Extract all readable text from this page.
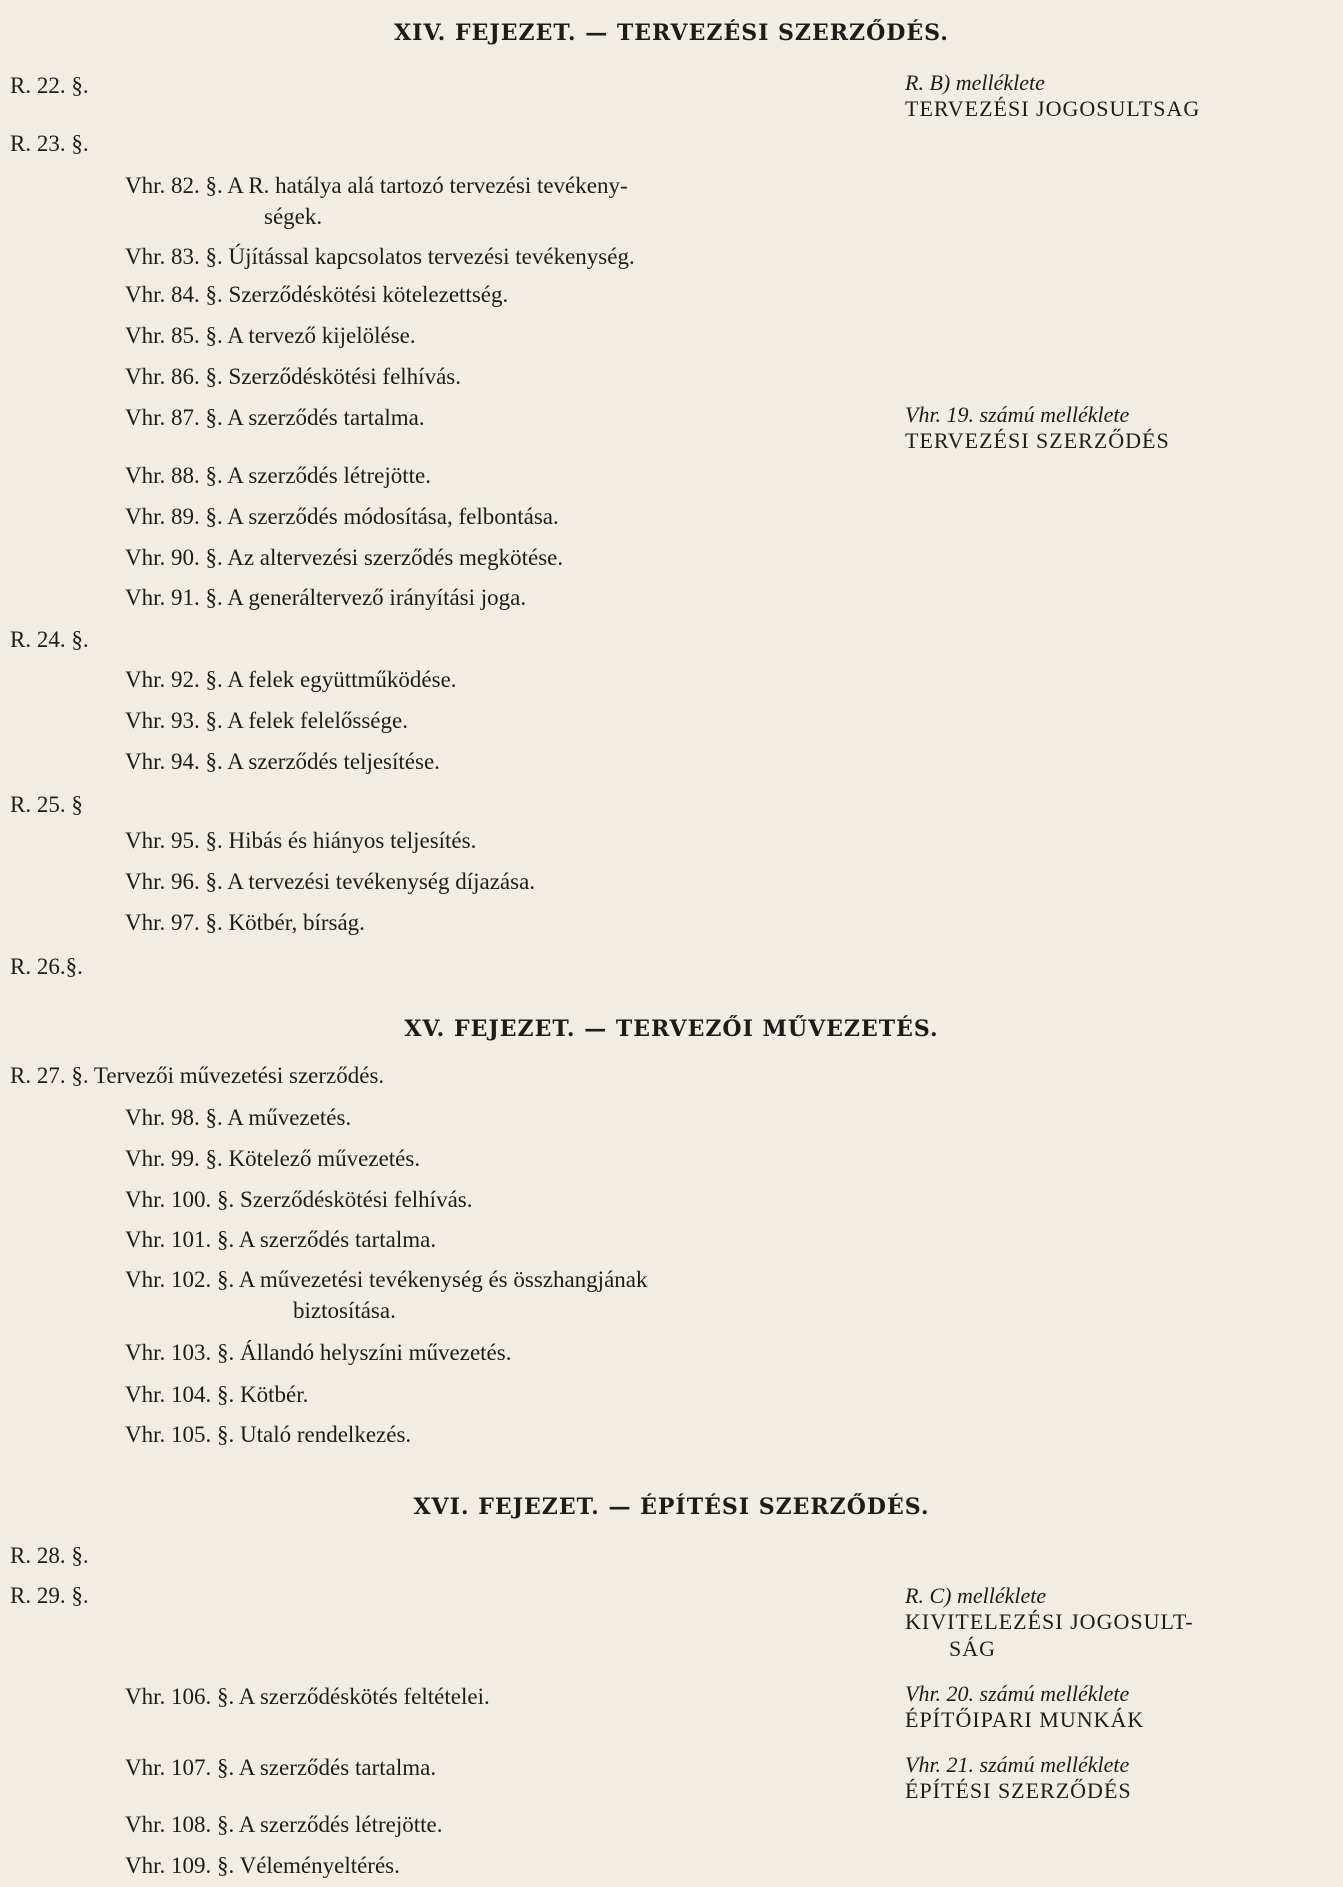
XIV. FEJEZET. — TERVEZÉSI SZERZŐDÉS.
R. 22. §.
R. 23. §.
Vhr. 82. §. A R. hatálya alá tartozó tervezési tevékeny-
ségek.
Vhr. 83. §. Újítással kapcsolatos tervezési tevékenység.
Vhr. 84. §. Szerződéskötési kötelezettség.
Vhr. 85. §. A tervező kijelölése.
Vhr. 86. §. Szerződéskötési felhívás.
Vhr. 87. §. A szerződés tartalma.
Vhr. 88. §. A szerződés létrejötte.
Vhr. 89. §. A szerződés módosítása, felbontása.
Vhr. 90. §. Az altervezési szerződés megkötése.
Vhr. 91. §. A generáltervező irányítási joga.
R. 24. §.
Vhr. 92. §. A felek együttműködése.
Vhr. 93. §. A felek felelőssége.
Vhr. 94. §. A szerződés teljesítése.
R. 25. §
Vhr. 95. §. Hibás és hiányos teljesítés.
Vhr. 96. §. A tervezési tevékenység díjazása.
Vhr. 97. §. Kötbér, bírság.
R. 26.§.
XV. FEJEZET. — TERVEZŐI MŰVEZETÉS.
R. 27. §. Tervezői művezetési szerződés.
Vhr. 98. §. A művezetés.
Vhr. 99. §. Kötelező művezetés.
Vhr. 100. §. Szerződéskötési felhívás.
Vhr. 101. §. A szerződés tartalma.
Vhr. 102. §. A művezetési tevékenység és összhangjának
biztosítása.
Vhr. 103. §. Állandó helyszíni művezetés.
Vhr. 104. §. Kötbér.
Vhr. 105. §. Utaló rendelkezés.
XVI. FEJEZET. — ÉPÍTÉSI SZERZŐDÉS.
R. 28. §.
R. 29. §.
Vhr. 106. §. A szerződéskötés feltételei.
Vhr. 107. §. A szerződés tartalma.
Vhr. 108. §. A szerződés létrejötte.
Vhr. 109. §. Véleményeltérés.
R. B) melléklete
TERVEZÉSI JOGOSULTSAG
Vhr. 19. számú melléklete
TERVEZÉSI SZERZŐDÉS
R. C) melléklete
KIVITELEZÉSI JOGOSULT-
SÁG
Vhr. 20. számú melléklete
ÉPÍTŐIPARI MUNKÁK
Vhr. 21. számú melléklete
ÉPÍTÉSI SZERZŐDÉS
